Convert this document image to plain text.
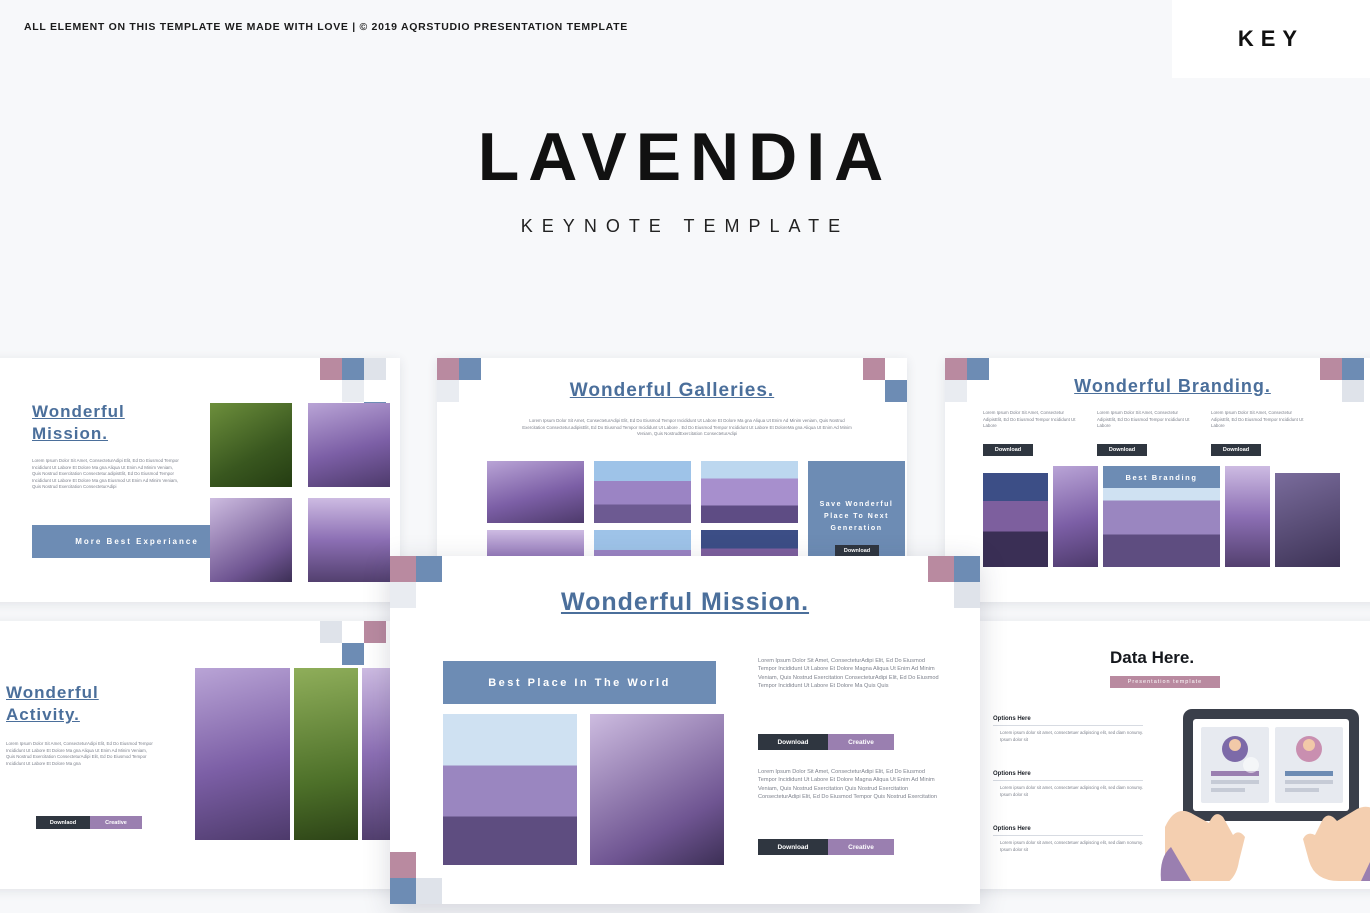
ALL ELEMENT ON THIS TEMPLATE WE MADE WITH LOVE | © 2019 AQRSTUDIO PRESENTATION TEMPLATE	KEY
LAVENDIA
KEYNOTE TEMPLATE
Wonderful
Mission.
Lorem Ipsum Dolor Sit Amet, ConsecteturAdipi Elit, Ed Do Eiusmod Tempor Incididunt Ut Labore Et Dolore Ma gna Aliqua Ut Enim Ad Minim Veniam, Quis Nostrud Exercitation Consectetur.adipisElit, Ed Do Eiusmod Tempor Incididunt Ut Labore Et Dolore Ma gna Eiusmod Ut Enim Ad Minim Veniam, Quis Nostrud Exercitation ConsecteturAdipi
More Best Experiance
Wonderful Galleries.
Lorem Ipsum Dolor Sit Amet, ConsecteturAdipi Elit, Ed Do Eiusmod Tempor Incididunt Ut Labore Et Dolore Ma gna Aliqua Ut Enim Ad Minim veniam, Quis Nostrud Exercitation Consectetur.adipisElit, Ed Do Eiusmod Tempor Incididunt Ut Labore . Ed Do Eiusmod Tempor Incididunt Ut Labore Et DoloreMa gna Aliqua Ut Enim Ad Minim Veniam, Quis NostrudExercitation ConsecteturAdipi
Save Wonderful Place To Next Generation
Download
Wonderful Branding.
Lorem Ipsum Dolor Sit Amet, Consectetur AdipisElit, Ed Do Eiusmod Tempor Incididunt Ut Labore
Download
Lorem Ipsum Dolor Sit Amet, Consectetur AdipisElit, Ed Do Eiusmod Tempor Incididunt Ut Labore
Download
Lorem Ipsum Dolor Sit Amet, Consectetur AdipisElit, Ed Do Eiusmod Tempor Incididunt Ut Labore
Download
Best Branding
Wonderful
Activity.
Lorem Ipsum Dolor Sit Amet, ConsecteturAdipi Elit, Ed Do Eiusmod Tempor Incididunt Ut Labore Et Dolore Ma gna Aliqua Ut Enim Ad Minim Veniam, Quis Nostrud Exercitation ConsecteturAdipi Elit, Ed Do Eiusmod Tempor Incididunt Ut Labore Et Dolore Ma gna
Downlaod	Creative
Data Here.
Presentation template
Options Here
Lorem ipsum dolor sit amet, consectetuer adipiscing elit, sed diam nonumy. Ipsum dolor sit
Options Here
Lorem ipsum dolor sit amet, consectetuer adipiscing elit, sed diam nonumy. Ipsum dolor sit
Options Here
Lorem ipsum dolor sit amet, consectetuer adipiscing elit, sed diam nonumy. Ipsum dolor sit
Wonderful Mission.
Best Place In The World
Lorem Ipsum Dolor Sit Amet, ConsecteturAdipi Elit, Ed Do Eiusmod Tempor Incididunt Ut Labore Et Dolore Magna Aliqua Ut Enim Ad Minim Veniam, Quis Nostrud Exercitation ConsecteturAdipi Elit, Ed Do Eiusmod Tempor Incididunt Ut Labore Et Dolore Ma Quis Quis
Download	Creative
Lorem Ipsum Dolor Sit Amet, ConsecteturAdipi Elit, Ed Do Eiusmod Tempor Incididunt Ut Labore Et Dolore Magna Aliqua Ut Enim Ad Minim Veniam, Quis Nostrud Exercitation Quis Nostrud Exercitation ConsecteturAdipi Elit, Ed Do Eiusmod Tempor Quis Nostrud Exercitation
Download	Creative
